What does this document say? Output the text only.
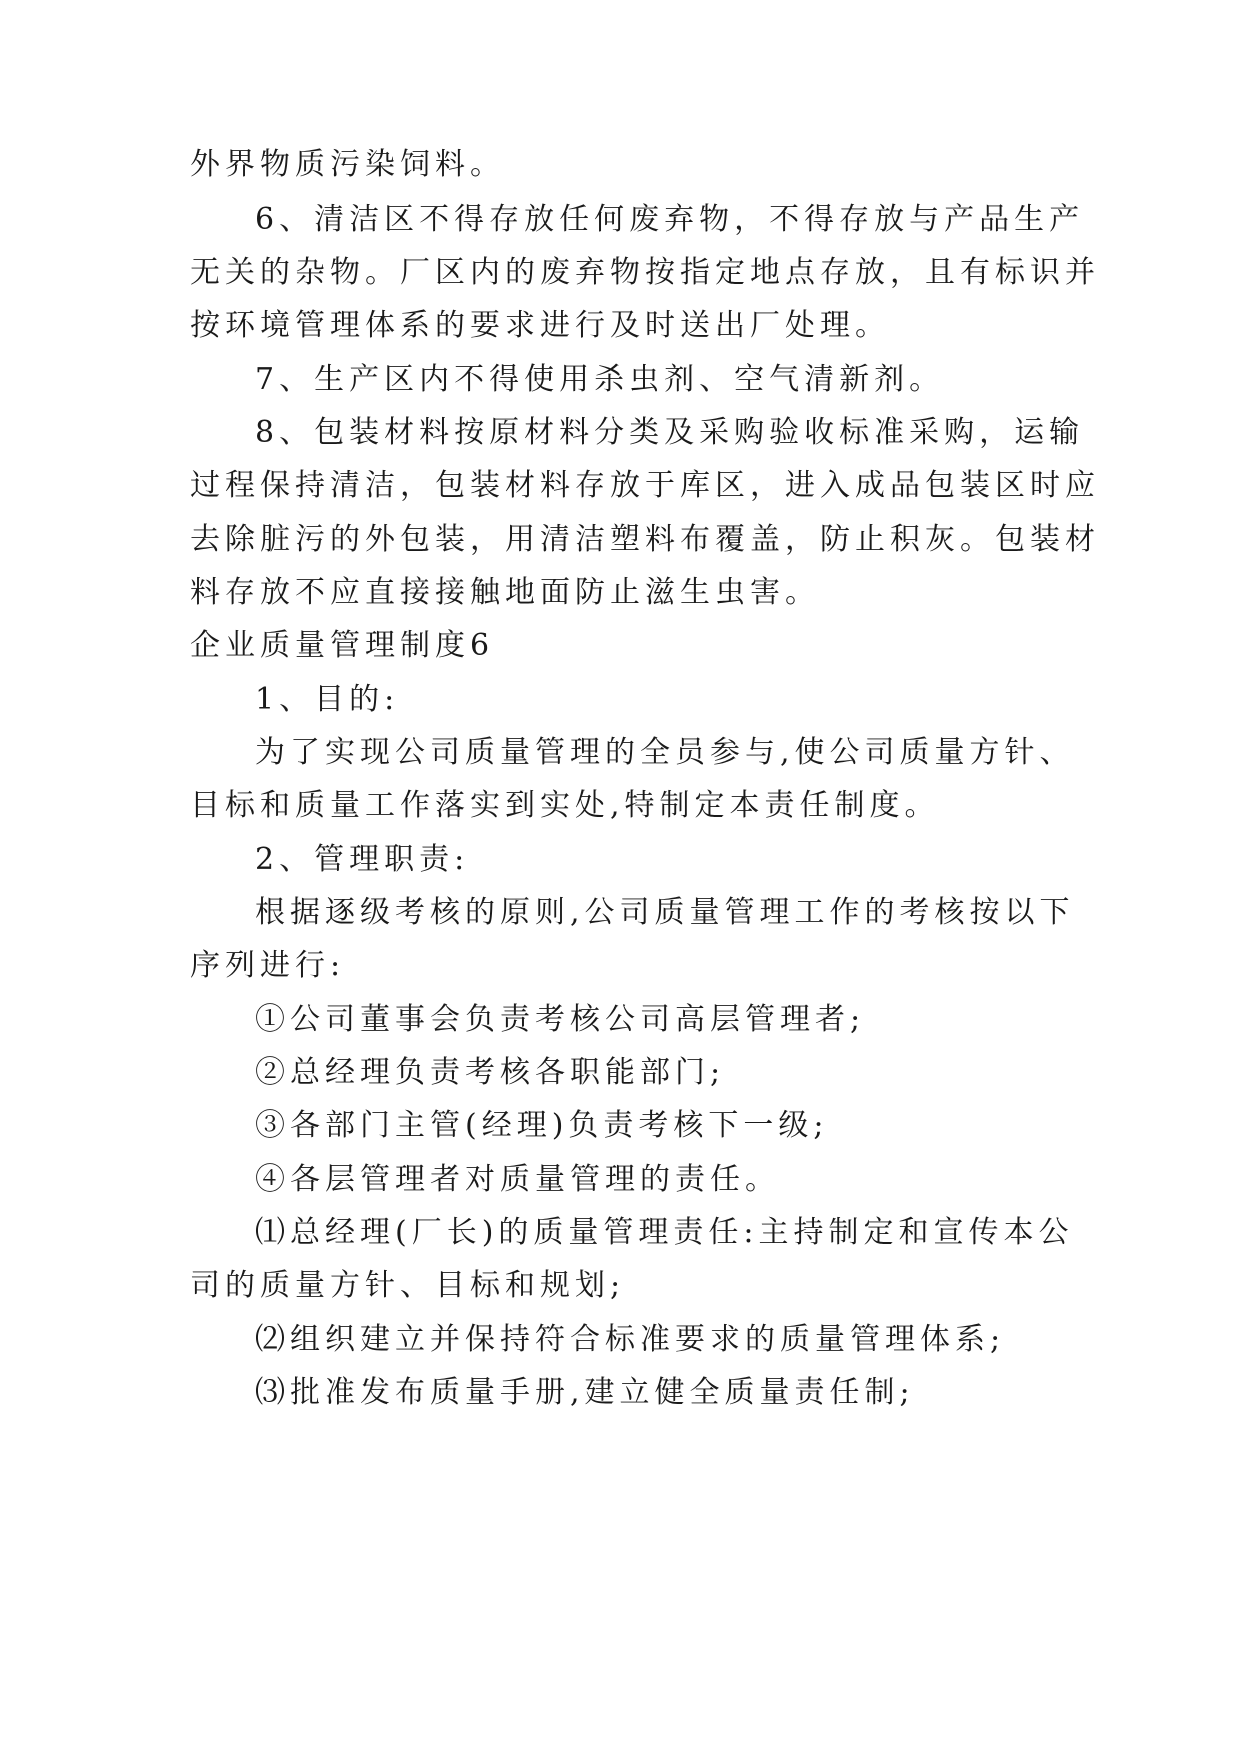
外界物质污染饲料。
6、清洁区不得存放任何废弃物，不得存放与产品生产
无关的杂物。厂区内的废弃物按指定地点存放，且有标识并
按环境管理体系的要求进行及时送出厂处理。
7、生产区内不得使用杀虫剂、空气清新剂。
8、包装材料按原材料分类及采购验收标准采购，运输
过程保持清洁，包装材料存放于库区，进入成品包装区时应
去除脏污的外包装，用清洁塑料布覆盖，防止积灰。包装材
料存放不应直接接触地面防止滋生虫害。
企业质量管理制度6
1、目的:
为了实现公司质量管理的全员参与,使公司质量方针、
目标和质量工作落实到实处,特制定本责任制度。
2、管理职责:
根据逐级考核的原则,公司质量管理工作的考核按以下
序列进行:
①公司董事会负责考核公司高层管理者;
②总经理负责考核各职能部门;
③各部门主管(经理)负责考核下一级;
④各层管理者对质量管理的责任。
⑴总经理(厂长)的质量管理责任:主持制定和宣传本公
司的质量方针、目标和规划;
⑵组织建立并保持符合标准要求的质量管理体系;
⑶批准发布质量手册,建立健全质量责任制;
